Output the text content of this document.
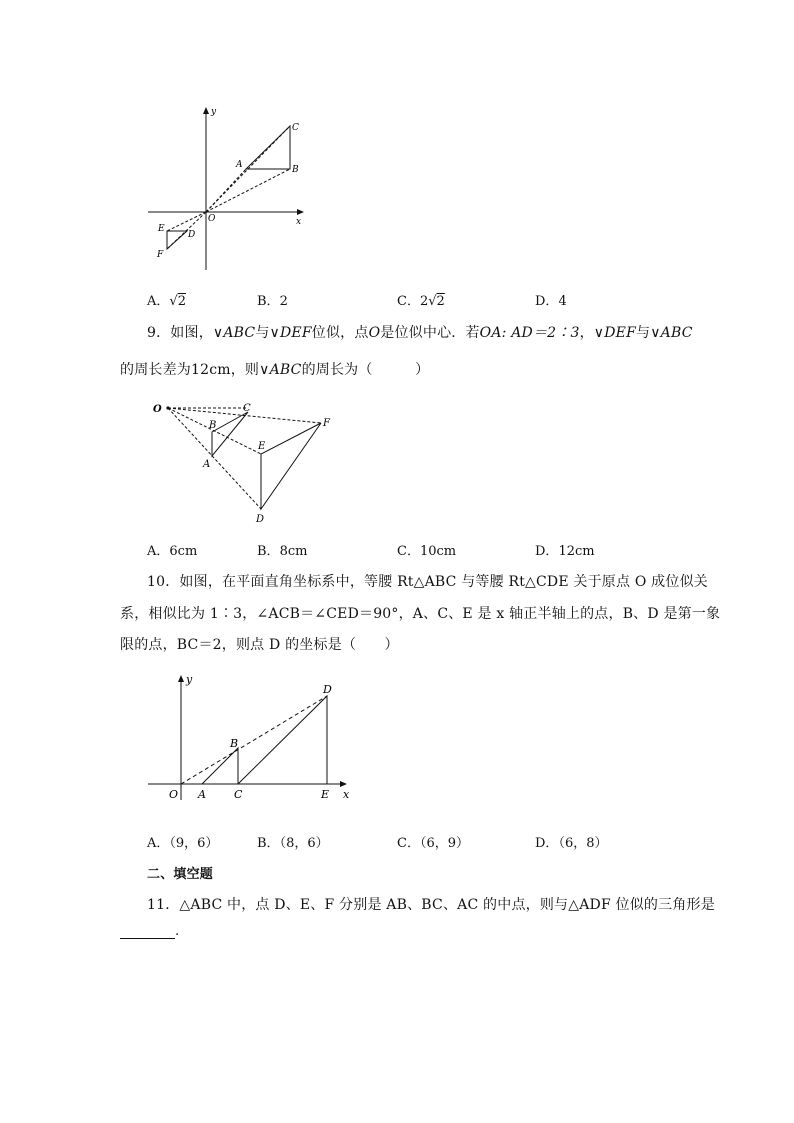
x
y
O
A	B
C
D
E
F
A．√2	B．2	C．2√2	D．4
9．如图，∨ABC与∨DEF位似，点O是位似中心．若OA: AD＝2∶3，∨DEF与∨ABC
的周长差为12cm，则∨ABC的周长为（　　　）
O
B
C
F
E
A
D
A．6cm	B．8cm	C．10cm	D．12cm
10．如图，在平面直角坐标系中，等腰 Rt△ABC 与等腰 Rt△CDE 关于原点 O 成位似关
系，相似比为 1∶3，∠ACB＝∠CED＝90°，A、C、E 是 x 轴正半轴上的点，B、D 是第一象
限的点，BC＝2，则点 D 的坐标是（　　）
x
y
O A	C	E
B
D
A．（9，6）	B．（8，6）	C．（6，9）	D．（6，8）
二、填空题
11．△ABC 中，点 D、E、F 分别是 AB、BC、AC 的中点，则与△ADF 位似的三角形是
.
